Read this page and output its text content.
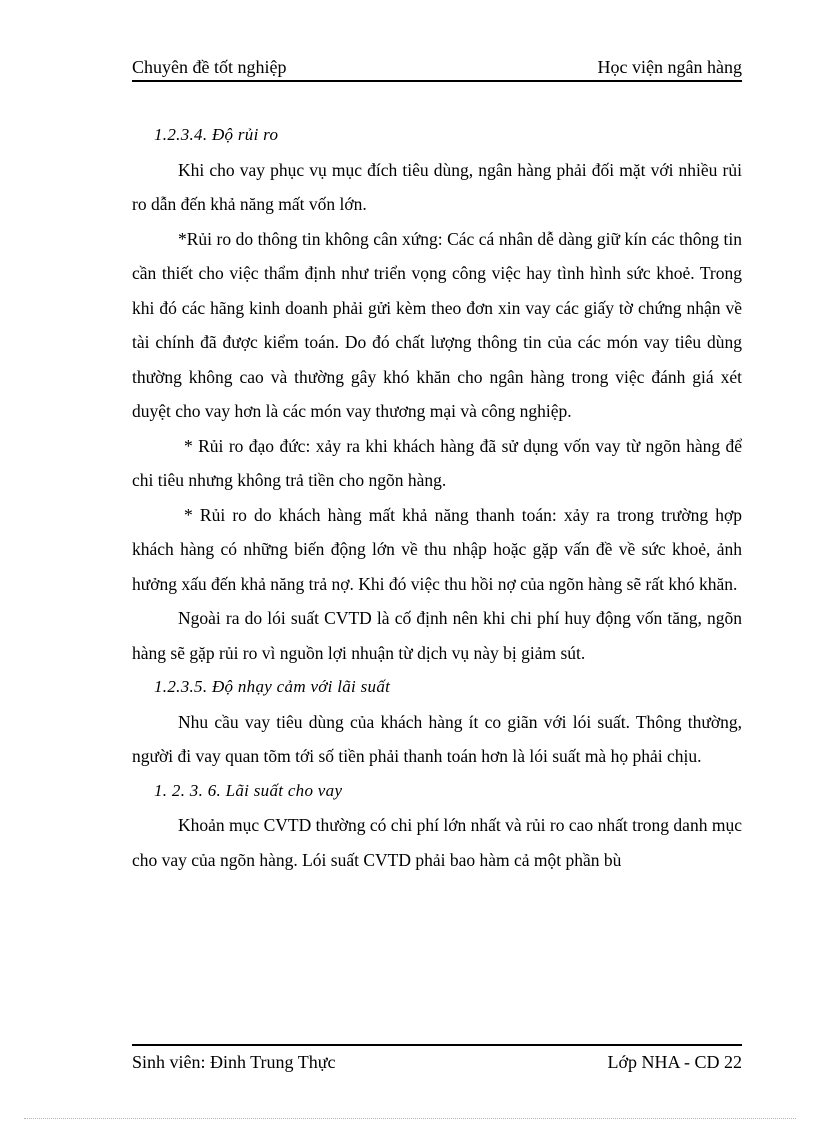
Chuyên đề tốt nghiệp	Học viện ngân hàng

1.2.3.4. Độ rủi ro

Khi cho vay phục vụ mục đích tiêu dùng, ngân hàng phải đối mặt với nhiều rủi ro dẫn đến khả năng mất vốn lớn.

*Rủi ro do thông tin không cân xứng: Các cá nhân dễ dàng giữ kín các thông tin cần thiết cho việc thẩm định như triển vọng công việc hay tình hình sức khoẻ. Trong khi đó các hãng kinh doanh phải gửi kèm theo đơn xin vay các giấy tờ chứng nhận về tài chính đã được kiểm toán. Do đó chất lượng thông tin của các món vay tiêu dùng thường không cao và thường gây khó khăn cho ngân hàng trong việc đánh giá xét duyệt cho vay hơn là các món vay thương mại và công nghiệp.

* Rủi ro đạo đức: xảy ra khi khách hàng đã sử dụng vốn vay từ ngõn hàng để chi tiêu nhưng không trả tiền cho ngõn hàng.

* Rủi ro do khách hàng mất khả năng thanh toán: xảy ra trong trường hợp khách hàng có những biến động lớn về thu nhập hoặc gặp vấn đề về sức khoẻ, ảnh hưởng xấu đến khả năng trả nợ. Khi đó việc thu hồi nợ của ngõn hàng sẽ rất khó khăn.

Ngoài ra do lói suất CVTD là cố định nên khi chi phí huy động vốn tăng, ngõn hàng sẽ gặp rủi ro vì nguồn lợi nhuận từ dịch vụ này bị giảm sút.

1.2.3.5. Độ nhạy cảm với lãi suất

Nhu cầu vay tiêu dùng của khách hàng ít co giãn với lói suất. Thông thường, người đi vay quan tõm tới số tiền phải thanh toán hơn là lói suất mà họ phải chịu.

1. 2. 3. 6. Lãi suất cho vay

Khoản mục CVTD thường có chi phí lớn nhất và rủi ro cao nhất trong danh mục cho vay của ngõn hàng. Lói suất CVTD phải bao hàm cả một phần bù

Sinh viên: Đinh Trung Thực	Lớp NHA - CD 22
